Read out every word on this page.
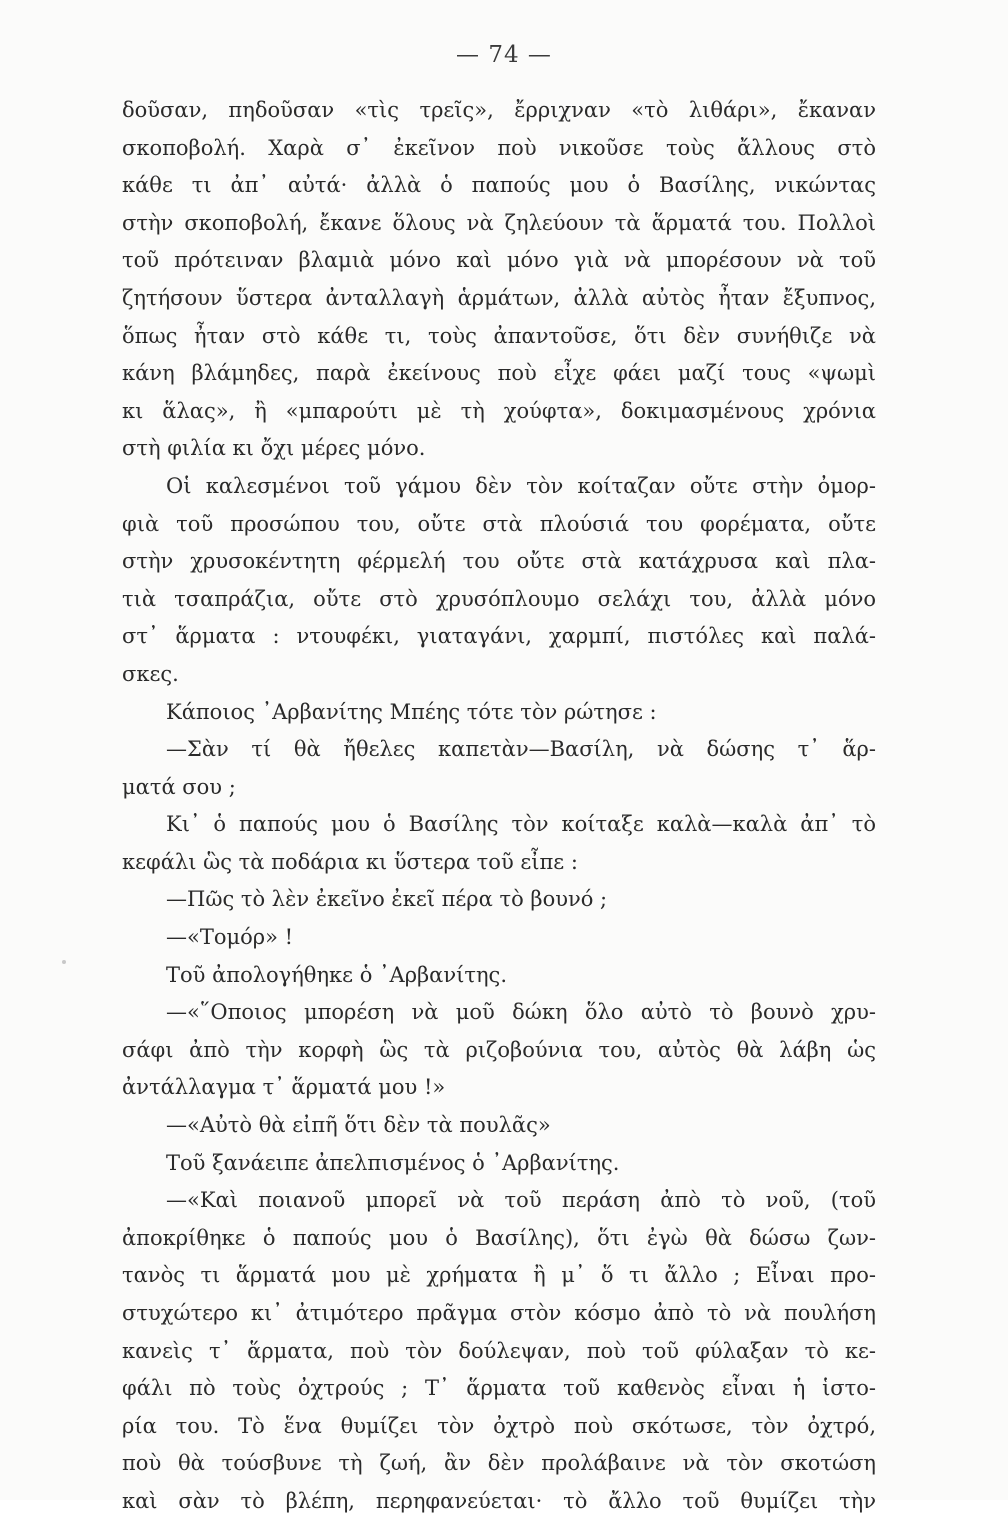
— 74 —
δοῦσαν, πηδοῦσαν «τὶς τρεῖς», ἔρριχναν «τὸ λιθάρι», ἔκαναν
σκοποβολή. Χαρὰ σ᾿ ἐκεῖνον ποὺ νικοῦσε τοὺς ἄλλους στὸ
κάθε τι ἀπ᾿ αὐτά· ἀλλὰ ὁ παπούς μου ὁ Βασίλης, νικώντας
στὴν σκοποβολή, ἔκανε ὅλους νὰ ζηλεύουν τὰ ἅρματά του. Πολλοὶ
τοῦ πρότειναν βλαμιὰ μόνο καὶ μόνο γιὰ νὰ μπορέσουν νὰ τοῦ
ζητήσουν ὕστερα ἀνταλλαγὴ ἁρμάτων, ἀλλὰ αὐτὸς ἦταν ἔξυπνος,
ὅπως ἦταν στὸ κάθε τι, τοὺς ἀπαντοῦσε, ὅτι δὲν συνήθιζε νὰ
κάνη βλάμηδες, παρὰ ἐκείνους ποὺ εἶχε φάει μαζί τους «ψωμὶ
κι ἅλας», ἢ «μπαρούτι μὲ τὴ χούφτα», δοκιμασμένους χρόνια
στὴ φιλία κι ὄχι μέρες μόνο.
Οἱ καλεσμένοι τοῦ γάμου δὲν τὸν κοίταζαν οὔτε στὴν ὀμορ-
φιὰ τοῦ προσώπου του, οὔτε στὰ πλούσιά του φορέματα, οὔτε
στὴν χρυσοκέντητη φέρμελή του οὔτε στὰ κατάχρυσα καὶ πλα-
τιὰ τσαπράζια, οὔτε στὸ χρυσόπλουμο σελάχι του, ἀλλὰ μόνο
στ᾿ ἅρματα : ντουφέκι, γιαταγάνι, χαρμπί, πιστόλες καὶ παλά-
σκες.
Κάποιος ᾿Αρβανίτης Μπέης τότε τὸν ρώτησε :
—Σὰν τί θὰ ἤθελες καπετὰν—Βασίλη, νὰ δώσης τ᾿ ἅρ-
ματά σου ;
Κι᾿ ὁ παπούς μου ὁ Βασίλης τὸν κοίταξε καλὰ—καλὰ ἀπ᾿ τὸ
κεφάλι ὣς τὰ ποδάρια κι ὕστερα τοῦ εἶπε :
—Πῶς τὸ λὲν ἐκεῖνο ἐκεῖ πέρα τὸ βουνό ;
—«Τομόρ» !
Τοῦ ἀπολογήθηκε ὁ ᾿Αρβανίτης.
—«῞Οποιος μπορέση νὰ μοῦ δώκη ὅλο αὐτὸ τὸ βουνὸ χρυ-
σάφι ἀπὸ τὴν κορφὴ ὣς τὰ ριζοβούνια του, αὐτὸς θὰ λάβη ὡς
ἀντάλλαγμα τ᾿ ἅρματά μου !»
—«Αὐτὸ θὰ εἰπῆ ὅτι δὲν τὰ πουλᾶς»
Τοῦ ξανάειπε ἀπελπισμένος ὁ ᾿Αρβανίτης.
—«Καὶ ποιανοῦ μπορεῖ νὰ τοῦ περάση ἀπὸ τὸ νοῦ, (τοῦ
ἀποκρίθηκε ὁ παπούς μου ὁ Βασίλης), ὅτι ἐγὼ θὰ δώσω ζων-
τανὸς τι ἅρματά μου μὲ χρήματα ἢ μ᾿ ὅ τι ἄλλο ; Εἶναι προ-
στυχώτερο κι᾿ ἀτιμότερο πρᾶγμα στὸν κόσμο ἀπὸ τὸ νὰ πουλήση
κανεὶς τ᾿ ἅρματα, ποὺ τὸν δούλεψαν, ποὺ τοῦ φύλαξαν τὸ κε-
φάλι πὸ τοὺς ὀχτρούς ; Τ᾿ ἅρματα τοῦ καθενὸς εἶναι ἡ ἱστο-
ρία του. Τὸ ἕνα θυμίζει τὸν ὀχτρὸ ποὺ σκότωσε, τὸν ὀχτρό,
ποὺ θὰ τούσβυνε τὴ ζωή, ἂν δὲν προλάβαινε νὰ τὸν σκοτώση
καὶ σὰν τὸ βλέπη, περηφανεύεται· τὸ ἄλλο τοῦ θυμίζει τὴν
